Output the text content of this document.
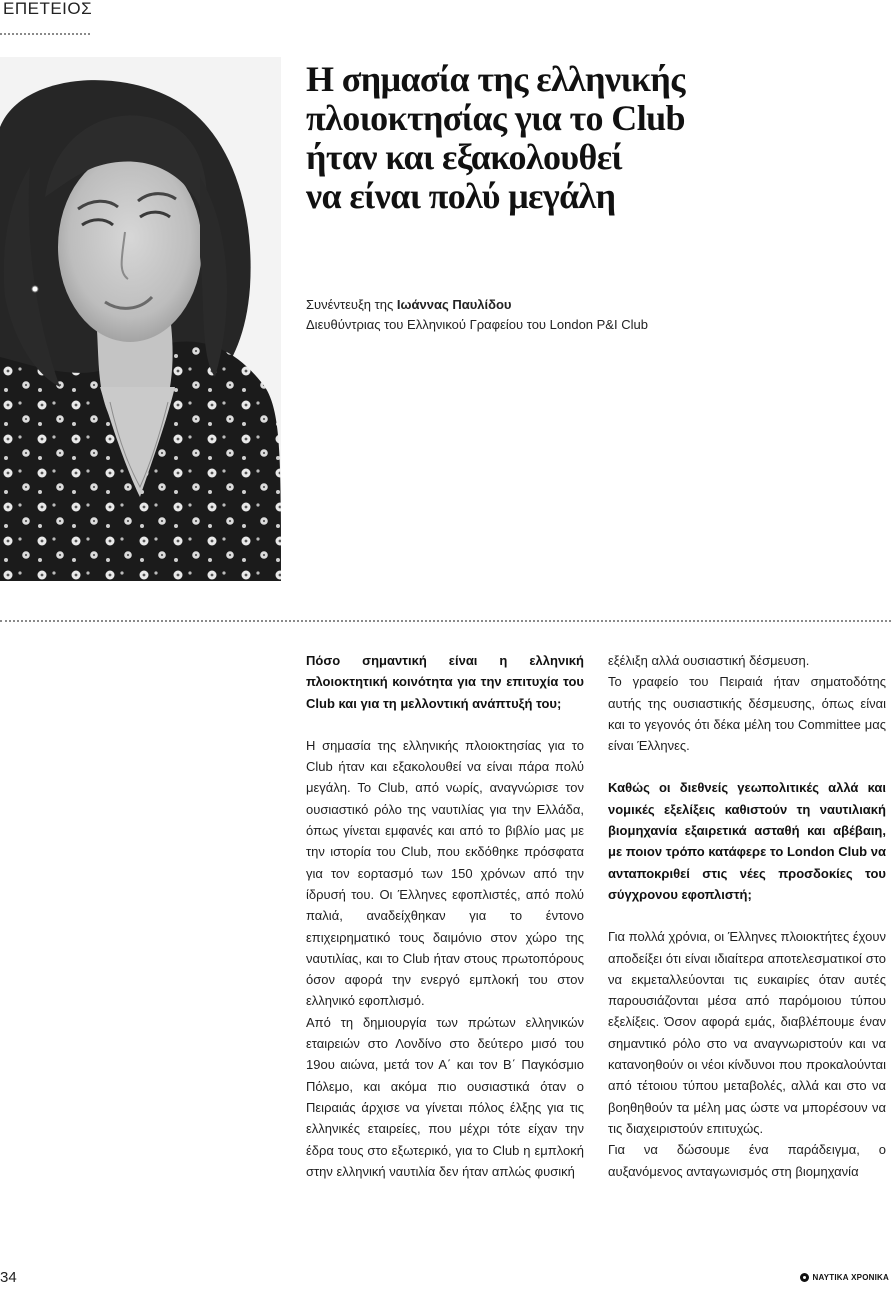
ΕΠΕΤΕΙΟΣ
Η σημασία της ελληνικής
πλοιοκτησίας για το Club
ήταν και εξακολουθεί
να είναι πολύ μεγάλη
Συνέντευξη της Ιωάννας Παυλίδου
Διευθύντριας του Ελληνικού Γραφείου του London P&I Club

Πόσο σημαντική είναι η ελληνική πλοιοκτητική κοινότητα για την επιτυχία του Club και για τη μελλοντική ανάπτυξή του;

Η σημασία της ελληνικής πλοιοκτησίας για το Club ήταν και εξακολουθεί να είναι πάρα πολύ μεγάλη. Το Club, από νωρίς, αναγνώρισε τον ουσιαστικό ρόλο της ναυτιλίας για την Ελλάδα, όπως γίνεται εμφανές και από το βιβλίο μας με την ιστορία του Club, που εκδόθηκε πρόσφατα για τον εορτασμό των 150 χρόνων από την ίδρυσή του. Οι Έλληνες εφοπλιστές, από πολύ παλιά, αναδείχθηκαν για το έντονο επιχειρηματικό τους δαιμόνιο στον χώρο της ναυτιλίας, και το Club ήταν στους πρωτοπόρους όσον αφορά την ενεργό εμπλοκή του στον ελληνικό εφοπλισμό.

Από τη δημιουργία των πρώτων ελληνικών εταιρειών στο Λονδίνο στο δεύτερο μισό του 19ου αιώνα, μετά τον Α΄ και τον Β΄ Παγκόσμιο Πόλεμο, και ακόμα πιο ουσιαστικά όταν ο Πειραιάς άρχισε να γίνεται πόλος έλξης για τις ελληνικές εταιρείες, που μέχρι τότε είχαν την έδρα τους στο εξωτερικό, για το Club η εμπλοκή στην ελληνική ναυτιλία δεν ήταν απλώς φυσική

εξέλιξη αλλά ουσιαστική δέσμευση.

Το γραφείο του Πειραιά ήταν σηματοδότης αυτής της ουσιαστικής δέσμευσης, όπως είναι και το γεγονός ότι δέκα μέλη του Committee μας είναι Έλληνες.

Καθώς οι διεθνείς γεωπολιτικές αλλά και νομικές εξελίξεις καθιστούν τη ναυτιλιακή βιομηχανία εξαιρετικά ασταθή και αβέβαιη, με ποιον τρόπο κατάφερε το London Club να ανταποκριθεί στις νέες προσδοκίες του σύγχρονου εφοπλιστή;

Για πολλά χρόνια, οι Έλληνες πλοιοκτήτες έχουν αποδείξει ότι είναι ιδιαίτερα αποτελεσματικοί στο να εκμεταλλεύονται τις ευκαιρίες όταν αυτές παρουσιάζονται μέσα από παρόμοιου τύπου εξελίξεις. Όσον αφορά εμάς, διαβλέπουμε έναν σημαντικό ρόλο στο να αναγνωριστούν και να κατανοηθούν οι νέοι κίνδυνοι που προκαλούνται από τέτοιου τύπου μεταβολές, αλλά και στο να βοηθηθούν τα μέλη μας ώστε να μπορέσουν να τις διαχειριστούν επιτυχώς.

Για να δώσουμε ένα παράδειγμα, ο αυξανόμενος ανταγωνισμός στη βιομηχανία

34	ΝΑΥΤΙΚΑ ΧΡΟΝΙΚΑ
